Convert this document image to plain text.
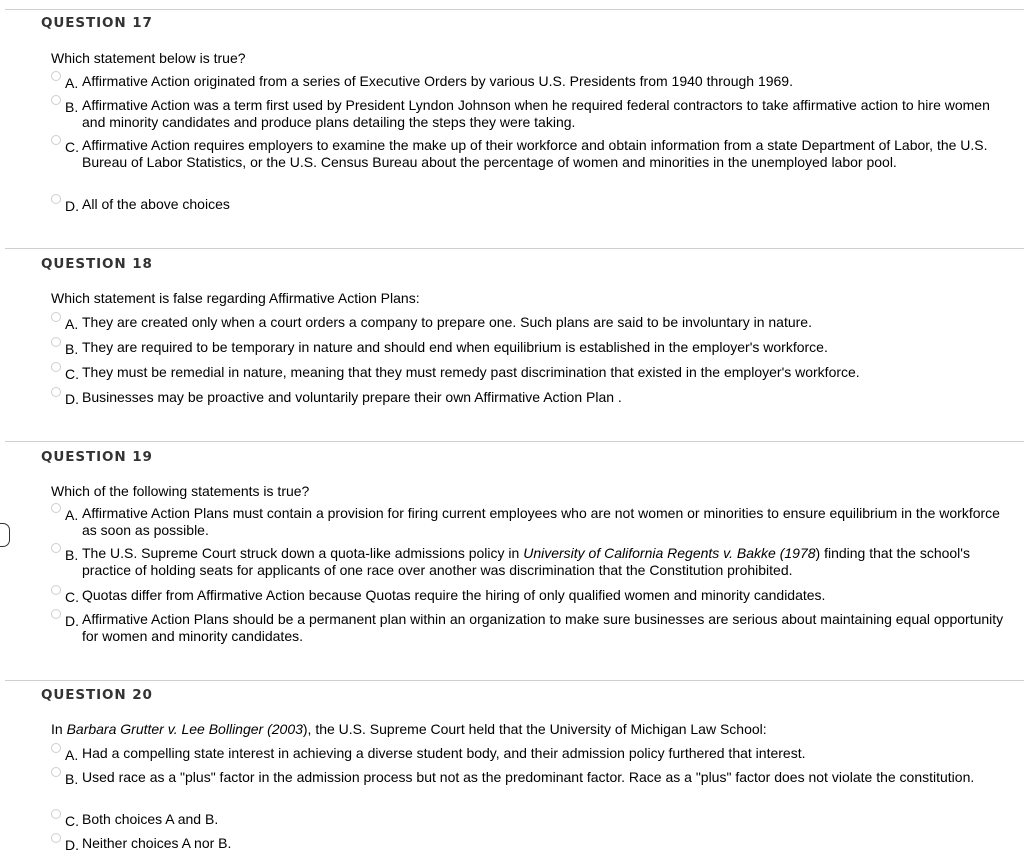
QUESTION 17
Which statement below is true?
A. Affirmative Action originated from a series of Executive Orders by various U.S. Presidents from 1940 through 1969.
B. Affirmative Action was a term first used by President Lyndon Johnson when he required federal contractors to take affirmative action to hire women and minority candidates and produce plans detailing the steps they were taking.
C. Affirmative Action requires employers to examine the make up of their workforce and obtain information from a state Department of Labor, the U.S. Bureau of Labor Statistics, or the U.S. Census Bureau about the percentage of women and minorities in the unemployed labor pool.
D. All of the above choices
QUESTION 18
Which statement is false regarding Affirmative Action Plans:
A. They are created only when a court orders a company to prepare one. Such plans are said to be involuntary in nature.
B. They are required to be temporary in nature and should end when equilibrium is established in the employer's workforce.
C. They must be remedial in nature, meaning that they must remedy past discrimination that existed in the employer's workforce.
D. Businesses may be proactive and voluntarily prepare their own Affirmative Action Plan .
QUESTION 19
Which of the following statements is true?
A. Affirmative Action Plans must contain a provision for firing current employees who are not women or minorities to ensure equilibrium in the workforce as soon as possible.
B. The U.S. Supreme Court struck down a quota-like admissions policy in University of California Regents v. Bakke (1978) finding that the school's practice of holding seats for applicants of one race over another was discrimination that the Constitution prohibited.
C. Quotas differ from Affirmative Action because Quotas require the hiring of only qualified women and minority candidates.
D. Affirmative Action Plans should be a permanent plan within an organization to make sure businesses are serious about maintaining equal opportunity for women and minority candidates.
QUESTION 20
In Barbara Grutter v. Lee Bollinger (2003), the U.S. Supreme Court held that the University of Michigan Law School:
A. Had a compelling state interest in achieving a diverse student body, and their admission policy furthered that interest.
B. Used race as a "plus" factor in the admission process but not as the predominant factor. Race as a "plus" factor does not violate the constitution.
C. Both choices A and B.
D. Neither choices A nor B.
